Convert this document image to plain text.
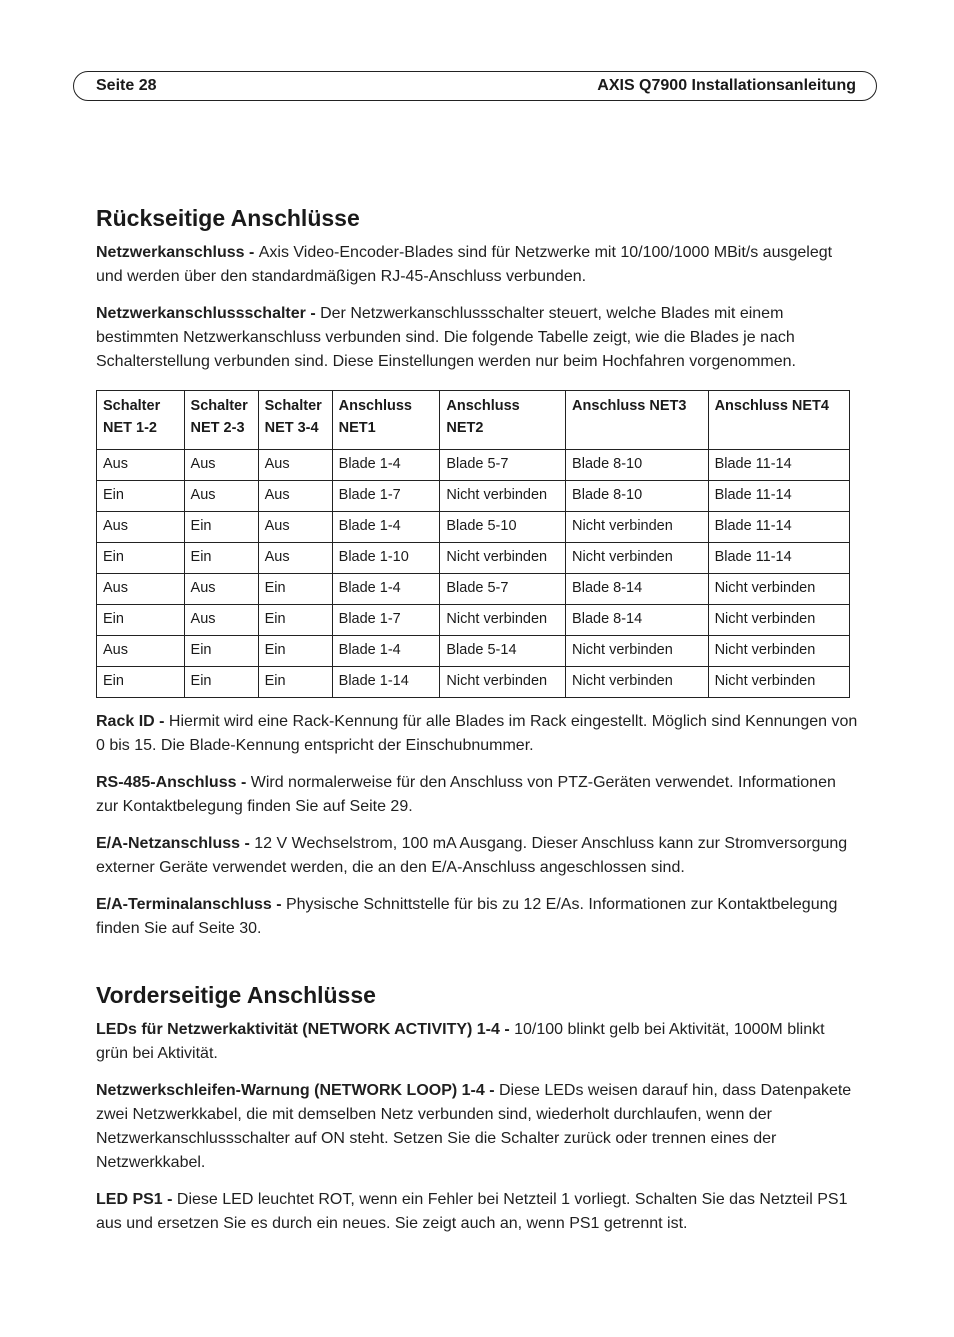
Seite 28	AXIS Q7900 Installationsanleitung
Rückseitige Anschlüsse

Netzwerkanschluss - Axis Video-Encoder-Blades sind für Netzwerke mit 10/100/1000 MBit/s ausgelegt und werden über den standardmäßigen RJ-45-Anschluss verbunden.

Netzwerkanschlussschalter - Der Netzwerkanschlussschalter steuert, welche Blades mit einem bestimmten Netzwerkanschluss verbunden sind. Die folgende Tabelle zeigt, wie die Blades je nach Schalterstellung verbunden sind. Diese Einstellungen werden nur beim Hochfahren vorgenommen.

Schalter NET 1-2	Schalter NET 2-3	Schalter NET 3-4	Anschluss NET1	Anschluss NET2	Anschluss NET3	Anschluss NET4
Aus	Aus	Aus	Blade 1-4	Blade 5-7	Blade 8-10	Blade 11-14
Ein	Aus	Aus	Blade 1-7	Nicht verbinden	Blade 8-10	Blade 11-14
Aus	Ein	Aus	Blade 1-4	Blade 5-10	Nicht verbinden	Blade 11-14
Ein	Ein	Aus	Blade 1-10	Nicht verbinden	Nicht verbinden	Blade 11-14
Aus	Aus	Ein	Blade 1-4	Blade 5-7	Blade 8-14	Nicht verbinden
Ein	Aus	Ein	Blade 1-7	Nicht verbinden	Blade 8-14	Nicht verbinden
Aus	Ein	Ein	Blade 1-4	Blade 5-14	Nicht verbinden	Nicht verbinden
Ein	Ein	Ein	Blade 1-14	Nicht verbinden	Nicht verbinden	Nicht verbinden

Rack ID - Hiermit wird eine Rack-Kennung für alle Blades im Rack eingestellt. Möglich sind Kennungen von 0 bis 15. Die Blade-Kennung entspricht der Einschubnummer.

RS-485-Anschluss - Wird normalerweise für den Anschluss von PTZ-Geräten verwendet. Informationen zur Kontaktbelegung finden Sie auf Seite 29.

E/A-Netzanschluss - 12 V Wechselstrom, 100 mA Ausgang. Dieser Anschluss kann zur Stromversorgung externer Geräte verwendet werden, die an den E/A-Anschluss angeschlossen sind.

E/A-Terminalanschluss - Physische Schnittstelle für bis zu 12 E/As. Informationen zur Kontaktbelegung finden Sie auf Seite 30.

Vorderseitige Anschlüsse

LEDs für Netzwerkaktivität (NETWORK ACTIVITY) 1-4 - 10/100 blinkt gelb bei Aktivität, 1000M blinkt grün bei Aktivität.

Netzwerkschleifen-Warnung (NETWORK LOOP) 1-4 - Diese LEDs weisen darauf hin, dass Datenpakete zwei Netzwerkkabel, die mit demselben Netz verbunden sind, wiederholt durchlaufen, wenn der Netzwerkanschlussschalter auf ON steht. Setzen Sie die Schalter zurück oder trennen eines der Netzwerkkabel.

LED PS1 - Diese LED leuchtet ROT, wenn ein Fehler bei Netzteil 1 vorliegt. Schalten Sie das Netzteil PS1 aus und ersetzen Sie es durch ein neues. Sie zeigt auch an, wenn PS1 getrennt ist.
